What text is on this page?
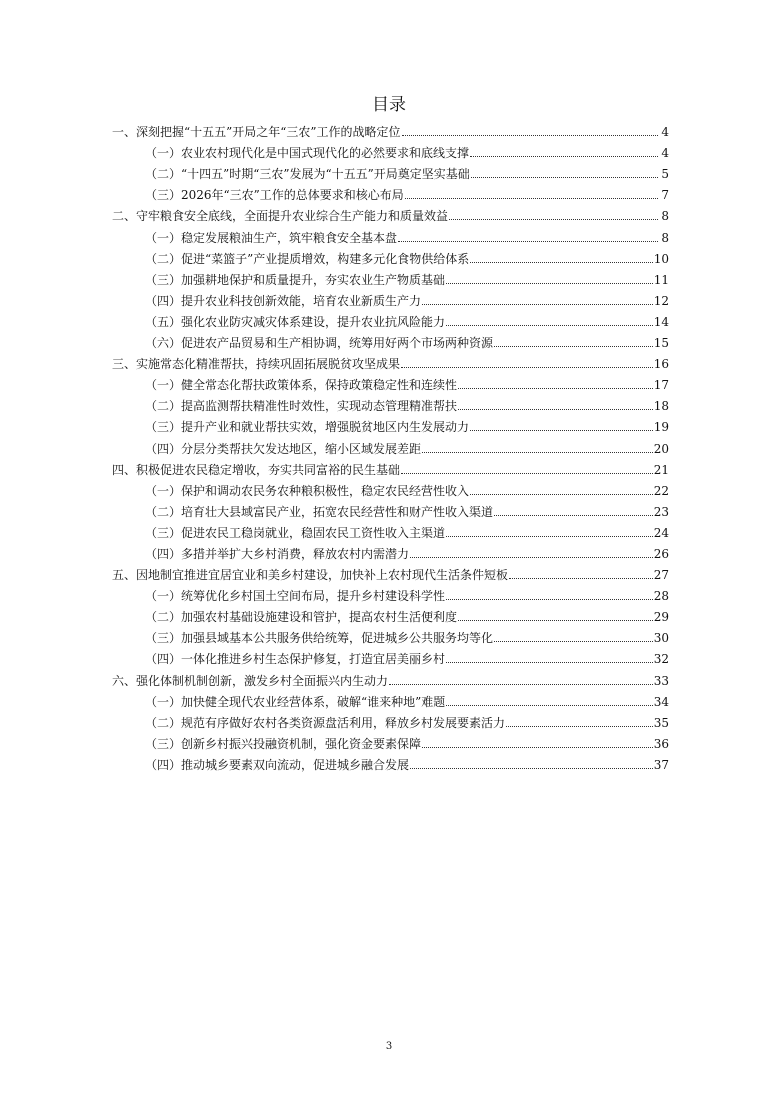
目录
一、深刻把握“十五五”开局之年“三农”工作的战略定位	4
（一）农业农村现代化是中国式现代化的必然要求和底线支撑	4
（二）“十四五”时期“三农”发展为“十五五”开局奠定坚实基础	5
（三）2026年“三农”工作的总体要求和核心布局	7
二、守牢粮食安全底线，全面提升农业综合生产能力和质量效益	8
（一）稳定发展粮油生产，筑牢粮食安全基本盘	8
（二）促进“菜篮子”产业提质增效，构建多元化食物供给体系	10
（三）加强耕地保护和质量提升，夯实农业生产物质基础	11
（四）提升农业科技创新效能，培育农业新质生产力	12
（五）强化农业防灾减灾体系建设，提升农业抗风险能力	14
（六）促进农产品贸易和生产相协调，统筹用好两个市场两种资源	15
三、实施常态化精准帮扶，持续巩固拓展脱贫攻坚成果	16
（一）健全常态化帮扶政策体系，保持政策稳定性和连续性	17
（二）提高监测帮扶精准性时效性，实现动态管理精准帮扶	18
（三）提升产业和就业帮扶实效，增强脱贫地区内生发展动力	19
（四）分层分类帮扶欠发达地区，缩小区域发展差距	20
四、积极促进农民稳定增收，夯实共同富裕的民生基础	21
（一）保护和调动农民务农种粮积极性，稳定农民经营性收入	22
（二）培育壮大县域富民产业，拓宽农民经营性和财产性收入渠道	23
（三）促进农民工稳岗就业，稳固农民工资性收入主渠道	24
（四）多措并举扩大乡村消费，释放农村内需潜力	26
五、因地制宜推进宜居宜业和美乡村建设，加快补上农村现代生活条件短板	27
（一）统筹优化乡村国土空间布局，提升乡村建设科学性	28
（二）加强农村基础设施建设和管护，提高农村生活便利度	29
（三）加强县域基本公共服务供给统筹，促进城乡公共服务均等化	30
（四）一体化推进乡村生态保护修复，打造宜居美丽乡村	32
六、强化体制机制创新，激发乡村全面振兴内生动力	33
（一）加快健全现代农业经营体系，破解“谁来种地”难题	34
（二）规范有序做好农村各类资源盘活利用，释放乡村发展要素活力	35
（三）创新乡村振兴投融资机制，强化资金要素保障	36
（四）推动城乡要素双向流动，促进城乡融合发展	37
3
